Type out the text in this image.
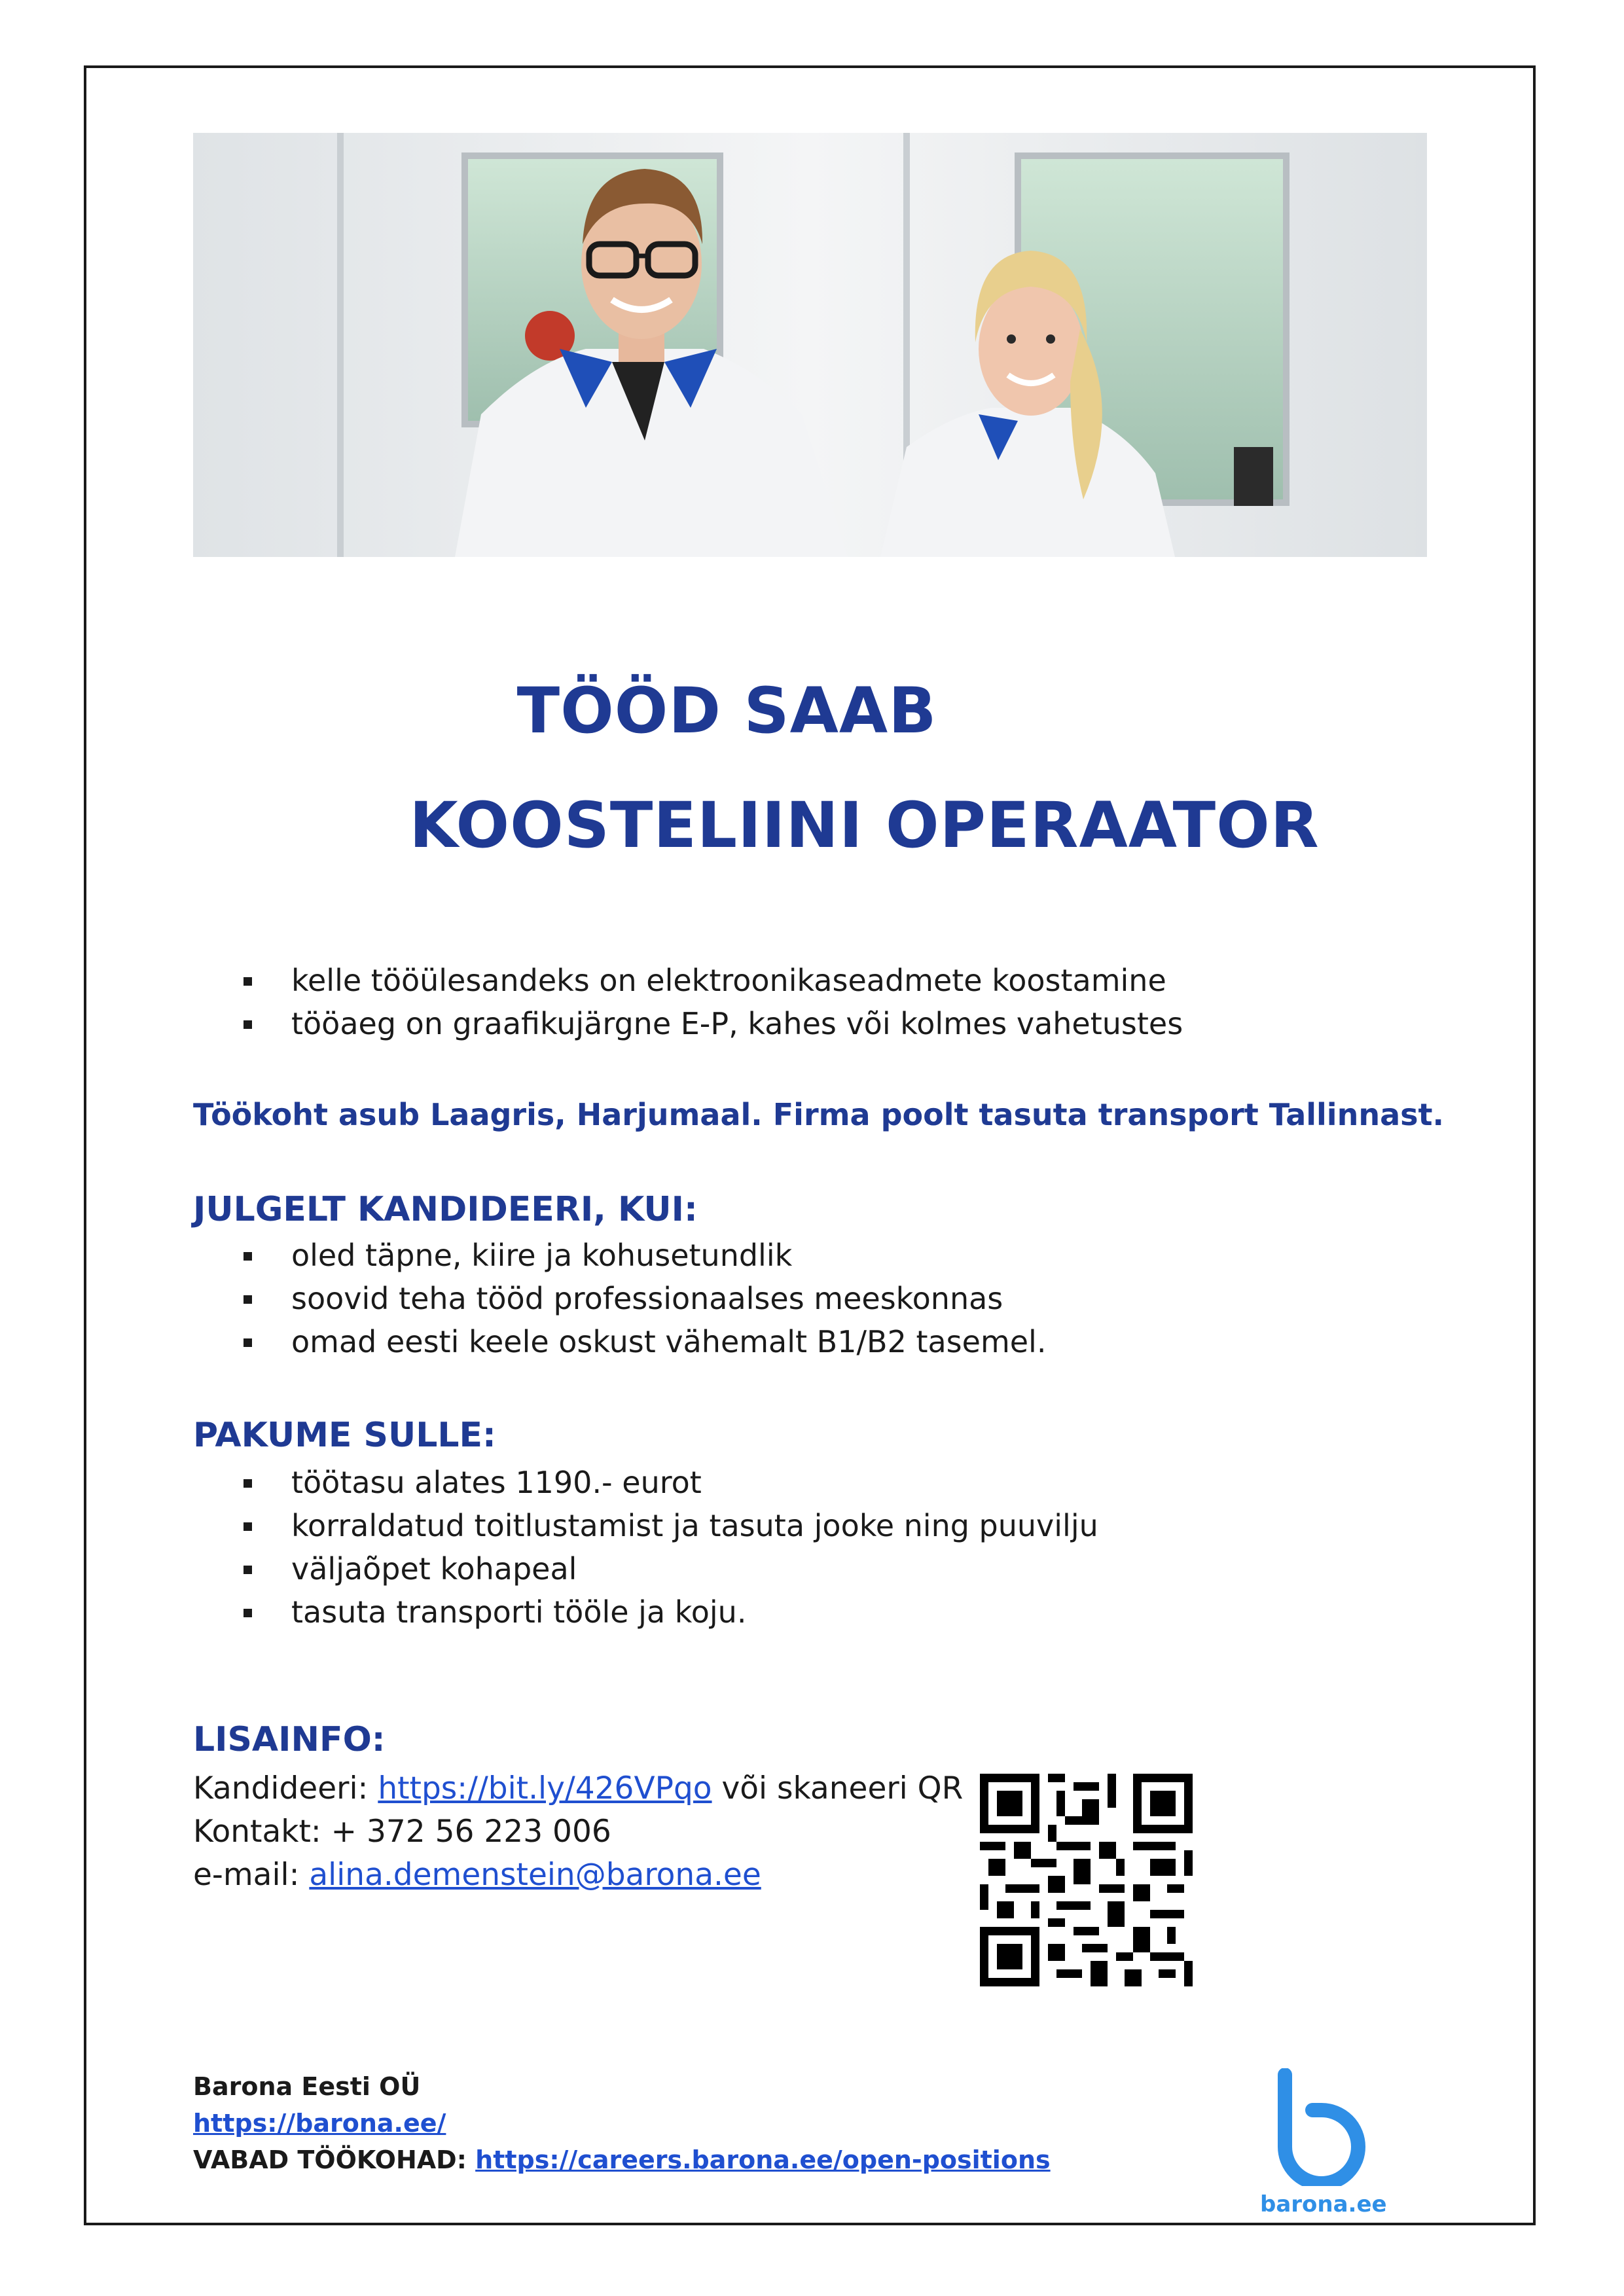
TÖÖD SAAB
KOOSTELIINI OPERAATOR
kelle tööülesandeks on elektroonikaseadmete koostamine
tööaeg on graafikujärgne E-P, kahes või kolmes vahetustes

Töökoht asub Laagris, Harjumaal. Firma poolt tasuta transport Tallinnast.

JULGELT KANDIDEERI, KUI:
oled täpne, kiire ja kohusetundlik
soovid teha tööd professionaalses meeskonnas
omad eesti keele oskust vähemalt B1/B2 tasemel.
PAKUME SULLE:
töötasu alates 1190.- eurot
korraldatud toitlustamist ja tasuta jooke ning puuvilju
väljaõpet kohapeal
tasuta transporti tööle ja koju.
LISAINFO:
Kandideeri: https://bit.ly/426VPqo või skaneeri QR
Kontakt: + 372 56 223 006
e-mail: alina.demenstein@barona.ee
Barona Eesti OÜ
https://barona.ee/
VABAD TÖÖKOHAD: https://careers.barona.ee/open-positions
barona.ee
